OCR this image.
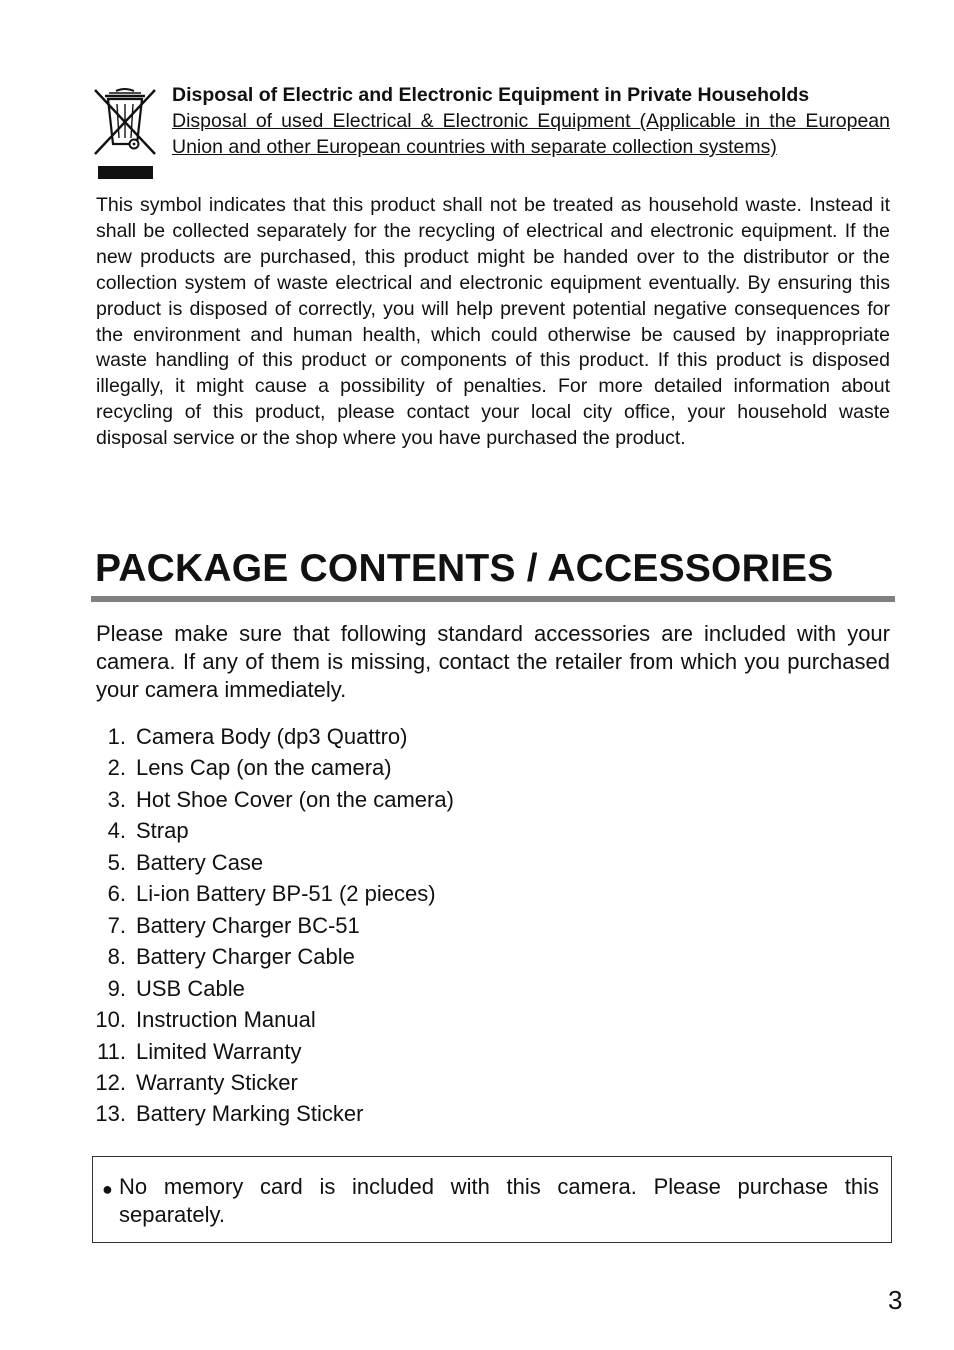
Disposal of Electric and Electronic Equipment in Private Households

Disposal of used Electrical & Electronic Equipment (Applicable in the European Union and other European countries with separate collection systems)

This symbol indicates that this product shall not be treated as household waste. Instead it shall be collected separately for the recycling of electrical and electronic equipment. If the new products are purchased, this product might be handed over to the distributor or the collection system of waste electrical and electronic equipment eventually. By ensuring this product is disposed of correctly, you will help prevent potential negative consequences for the environment and human health, which could otherwise be caused by inappropriate waste handling of this product or components of this product. If this product is disposed illegally, it might cause a possibility of penalties. For more detailed information about recycling of this product, please contact your local city office, your household waste disposal service or the shop where you have purchased the product.

PACKAGE CONTENTS / ACCESSORIES

Please make sure that following standard accessories are included with your camera. If any of them is missing, contact the retailer from which you purchased your camera immediately.

1. Camera Body (dp3 Quattro)
2. Lens Cap (on the camera)
3. Hot Shoe Cover (on the camera)
4. Strap
5. Battery Case
6. Li-ion Battery BP-51 (2 pieces)
7. Battery Charger BC-51
8. Battery Charger Cable
9. USB Cable
10. Instruction Manual
11. Limited Warranty
12. Warranty Sticker
13. Battery Marking Sticker
● No memory card is included with this camera. Please purchase this separately.

3
